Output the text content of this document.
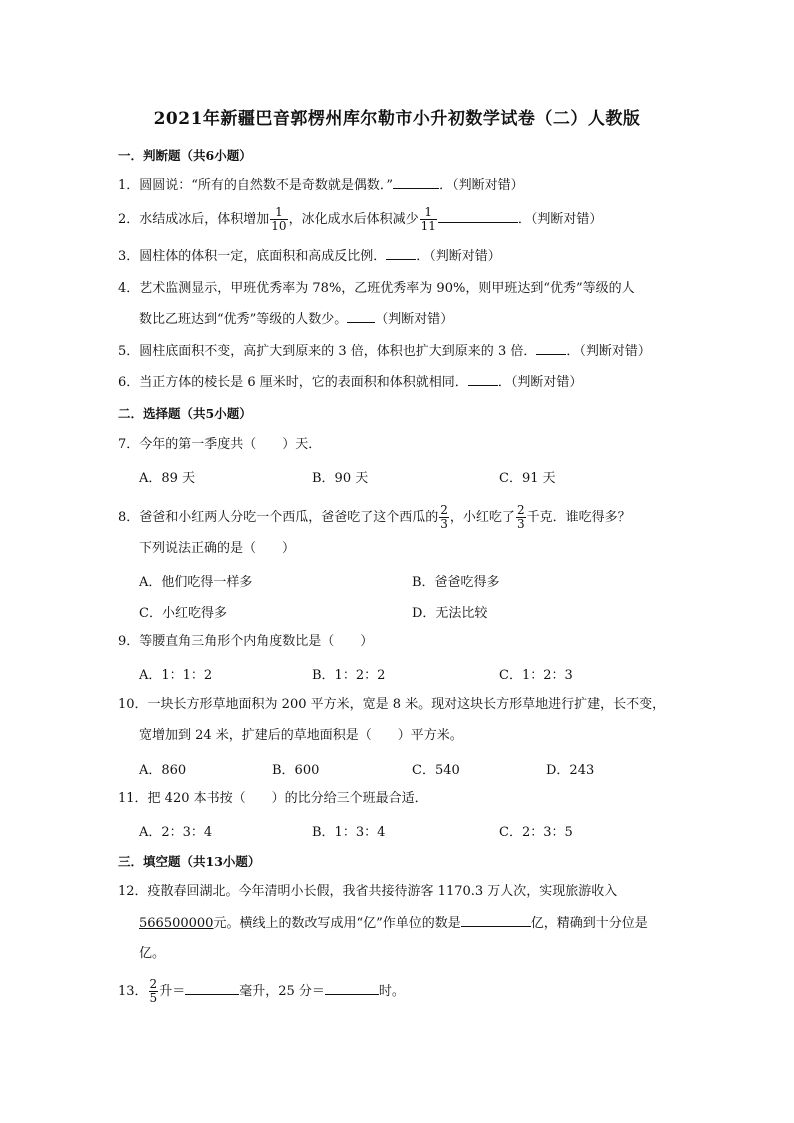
2021年新疆巴音郭楞州库尔勒市小升初数学试卷（二）人教版
一．判断题（共6小题）
1．圆圆说：“所有的自然数不是奇数就是偶数．”	．（判断对错）
2．水结成冰后，体积增加 $\frac{1}{10}$ ，冰化成水后体积减少 $\frac{1}{11}$	．（判断对错）
3．圆柱体的体积一定，底面积和高成反比例． ．（判断对错）
4．艺术监测显示，甲班优秀率为 78%，乙班优秀率为 90%，则甲班达到“优秀”等级的人
数比乙班达到“优秀”等级的人数少。 （判断对错）
5．圆柱底面积不变，高扩大到原来的 3 倍，体积也扩大到原来的 3 倍． ．（判断对错）
6．当正方体的棱长是 6 厘米时，它的表面积和体积就相同． ．（判断对错）
二．选择题（共5小题）
7．今年的第一季度共（　　）天．
A．89 天	B．90 天	C．91 天
8．爸爸和小红两人分吃一个西瓜，爸爸吃了这个西瓜的 $\frac{2}{3}$ ，小红吃了 $\frac{2}{3}$ 千克．谁吃得多？
下列说法正确的是（　　）
A．他们吃得一样多	B．爸爸吃得多
C．小红吃得多	D．无法比较
9．等腰直角三角形个内角度数比是（　　）
A．1：1：2	B．1：2：2	C．1：2：3
10．一块长方形草地面积为 200 平方米，宽是 8 米。现对这块长方形草地进行扩建，长不变，
宽增加到 24 米，扩建后的草地面积是（　　）平方米。
A．860	B．600	C．540	D．243
11．把 420 本书按（　　）的比分给三个班最合适．
A．2：3：4	B．1：3：4	C．2：3：5
三．填空题（共13小题）
12．疫散春回湖北。今年清明小长假，我省共接待游客 1170.3 万人次，实现旅游收入
566500000元。横线上的数改写成用“亿”作单位的数是	亿，精确到十分位是
亿。
13． $\frac{2}{5}$ 升＝	毫升，25 分＝	时。
